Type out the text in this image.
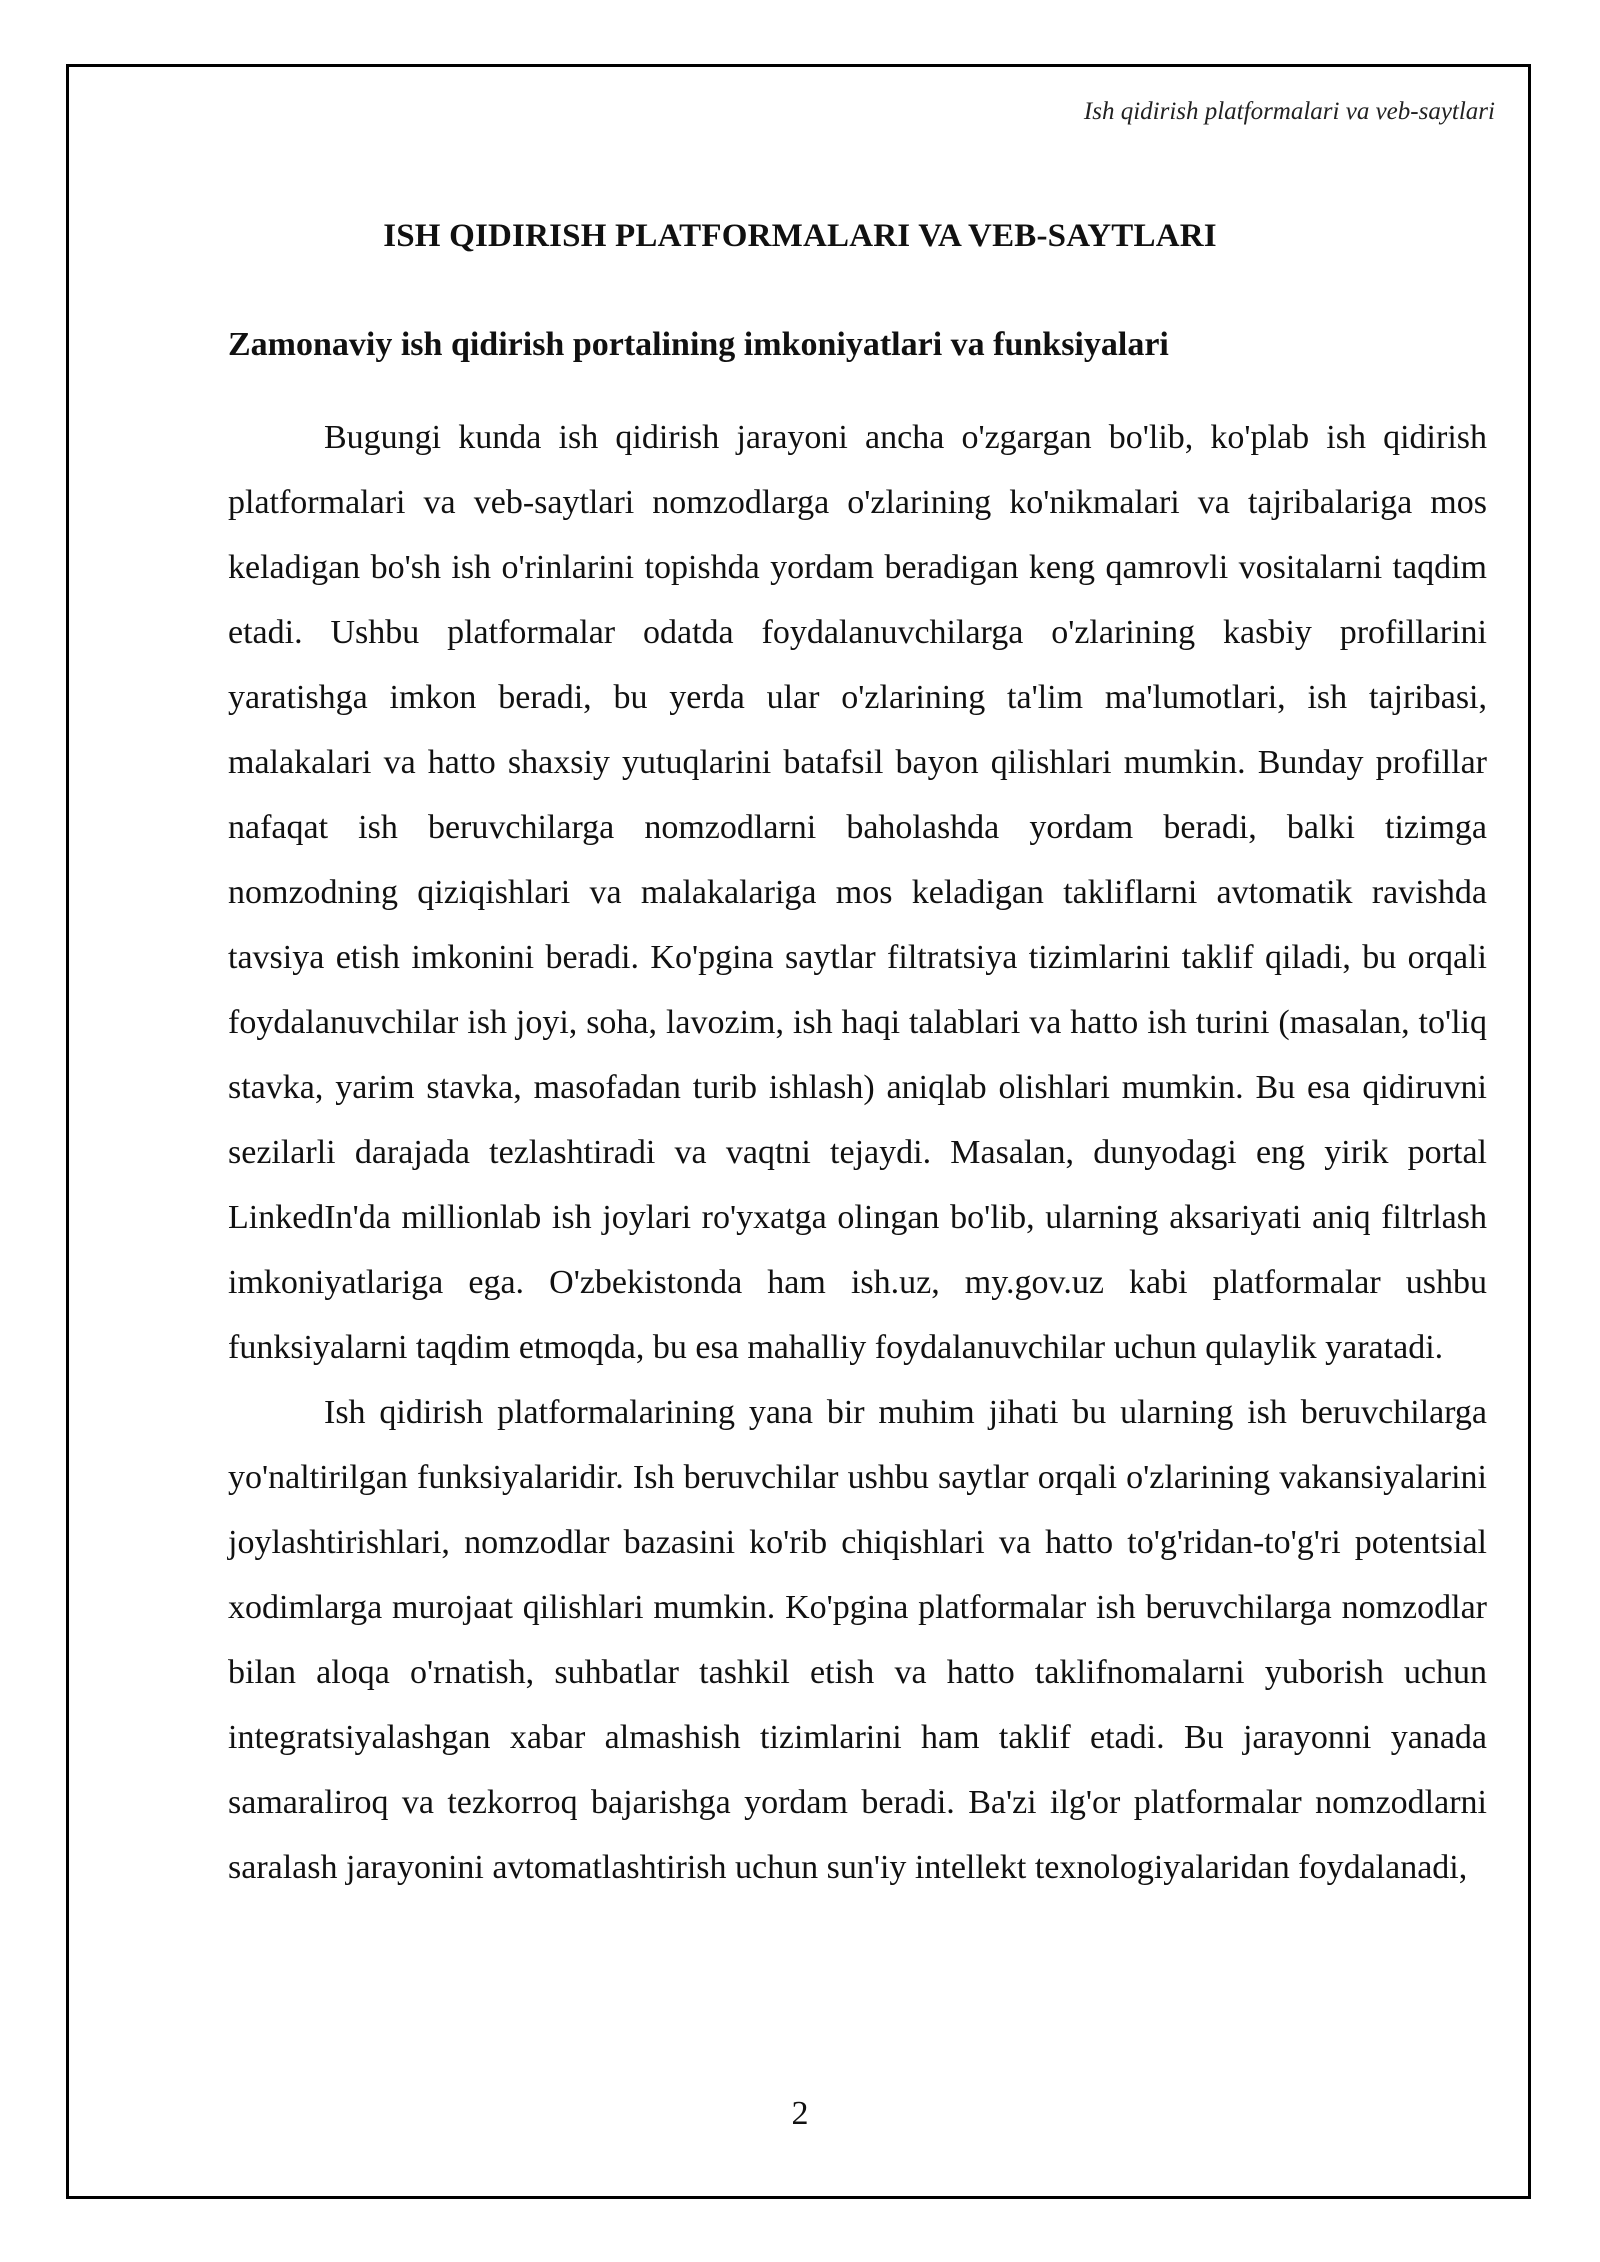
Ish qidirish platformalari va veb-saytlari
ISH QIDIRISH PLATFORMALARI VA VEB-SAYTLARI
Zamonaviy ish qidirish portalining imkoniyatlari va funksiyalari

Bugungi kunda ish qidirish jarayoni ancha o'zgargan bo'lib, ko'plab ish qidirish platformalari va veb-saytlari nomzodlarga o'zlarining ko'nikmalari va tajribalariga mos keladigan bo'sh ish o'rinlarini topishda yordam beradigan keng qamrovli vositalarni taqdim etadi. Ushbu platformalar odatda foydalanuvchilarga o'zlarining kasbiy profillarini yaratishga imkon beradi, bu yerda ular o'zlarining ta'lim ma'lumotlari, ish tajribasi, malakalari va hatto shaxsiy yutuqlarini batafsil bayon qilishlari mumkin. Bunday profillar nafaqat ish beruvchilarga nomzodlarni baholashda yordam beradi, balki tizimga nomzodning qiziqishlari va malakalariga mos keladigan takliflarni avtomatik ravishda tavsiya etish imkonini beradi. Ko'pgina saytlar filtratsiya tizimlarini taklif qiladi, bu orqali foydalanuvchilar ish joyi, soha, lavozim, ish haqi talablari va hatto ish turini (masalan, to'liq stavka, yarim stavka, masofadan turib ishlash) aniqlab olishlari mumkin. Bu esa qidiruvni sezilarli darajada tezlashtiradi va vaqtni tejaydi. Masalan, dunyodagi eng yirik portal LinkedIn'da millionlab ish joylari ro'yxatga olingan bo'lib, ularning aksariyati aniq filtrlash imkoniyatlariga ega. O'zbekistonda ham ish.uz, my.gov.uz kabi platformalar ushbu funksiyalarni taqdim etmoqda, bu esa mahalliy foydalanuvchilar uchun qulaylik yaratadi.

Ish qidirish platformalarining yana bir muhim jihati bu ularning ish beruvchilarga yo'naltirilgan funksiyalaridir. Ish beruvchilar ushbu saytlar orqali o'zlarining vakansiyalarini joylashtirishlari, nomzodlar bazasini ko'rib chiqishlari va hatto to'g'ridan-to'g'ri potentsial xodimlarga murojaat qilishlari mumkin. Ko'pgina platformalar ish beruvchilarga nomzodlar bilan aloqa o'rnatish, suhbatlar tashkil etish va hatto taklifnomalarni yuborish uchun integratsiyalashgan xabar almashish tizimlarini ham taklif etadi. Bu jarayonni yanada samaraliroq va tezkorroq bajarishga yordam beradi. Ba'zi ilg'or platformalar nomzodlarni saralash jarayonini avtomatlashtirish uchun sun'iy intellekt texnologiyalaridan foydalanadi,

2
